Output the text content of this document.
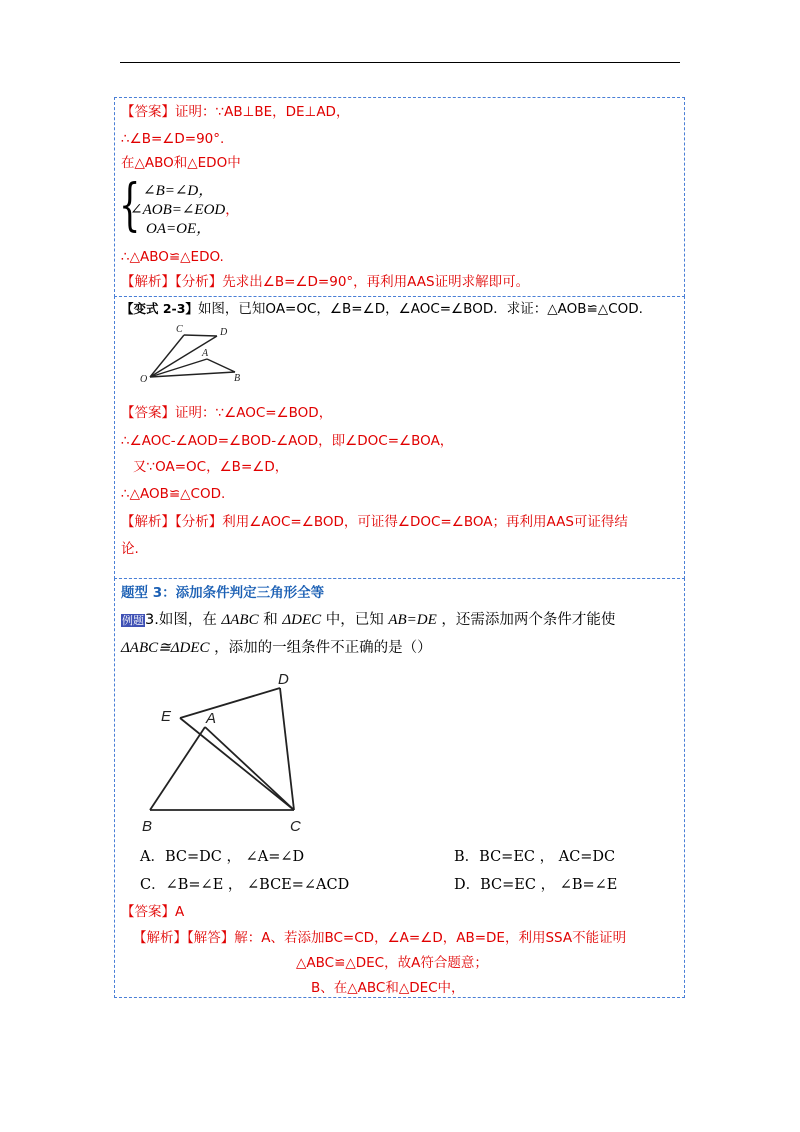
【答案】证明：∵AB⊥BE，DE⊥AD，
∴∠B=∠D=90°.
在△ABO和△EDO中
{ ∠B=∠D，
∠AOB=∠EOD，
OA=OE，
∴△ABO≌△EDO.
【解析】【分析】先求出∠B=∠D=90°，再利用AAS证明求解即可。
【变式 2-3】如图，已知OA=OC，∠B=∠D，∠AOC=∠BOD．求证：△AOB≌△COD.
C	D
A
O	B
【答案】证明：∵∠AOC=∠BOD，
∴∠AOC-∠AOD=∠BOD-∠AOD，即∠DOC=∠BOA，
又∵OA=OC，∠B=∠D，
∴△AOB≌△COD.
【解析】【分析】利用∠AOC=∠BOD，可证得∠DOC=∠BOA；再利用AAS可证得结
论.
题型 3：添加条件判定三角形全等
例题3.如图，在 ΔABC 和 ΔDEC 中，已知 AB=DE ，还需添加两个条件才能使
ΔABC≅ΔDEC ，添加的一组条件不正确的是（）
D
E A
B	C
A．BC=DC ， ∠A=∠D	B．BC=EC ， AC=DC
C．∠B=∠E ， ∠BCE=∠ACD	D．BC=EC ， ∠B=∠E
【答案】A
【解析】【解答】解：A、若添加BC=CD，∠A=∠D，AB=DE，利用SSA不能证明
△ABC≌△DEC，故A符合题意；
B、在△ABC和△DEC中，
